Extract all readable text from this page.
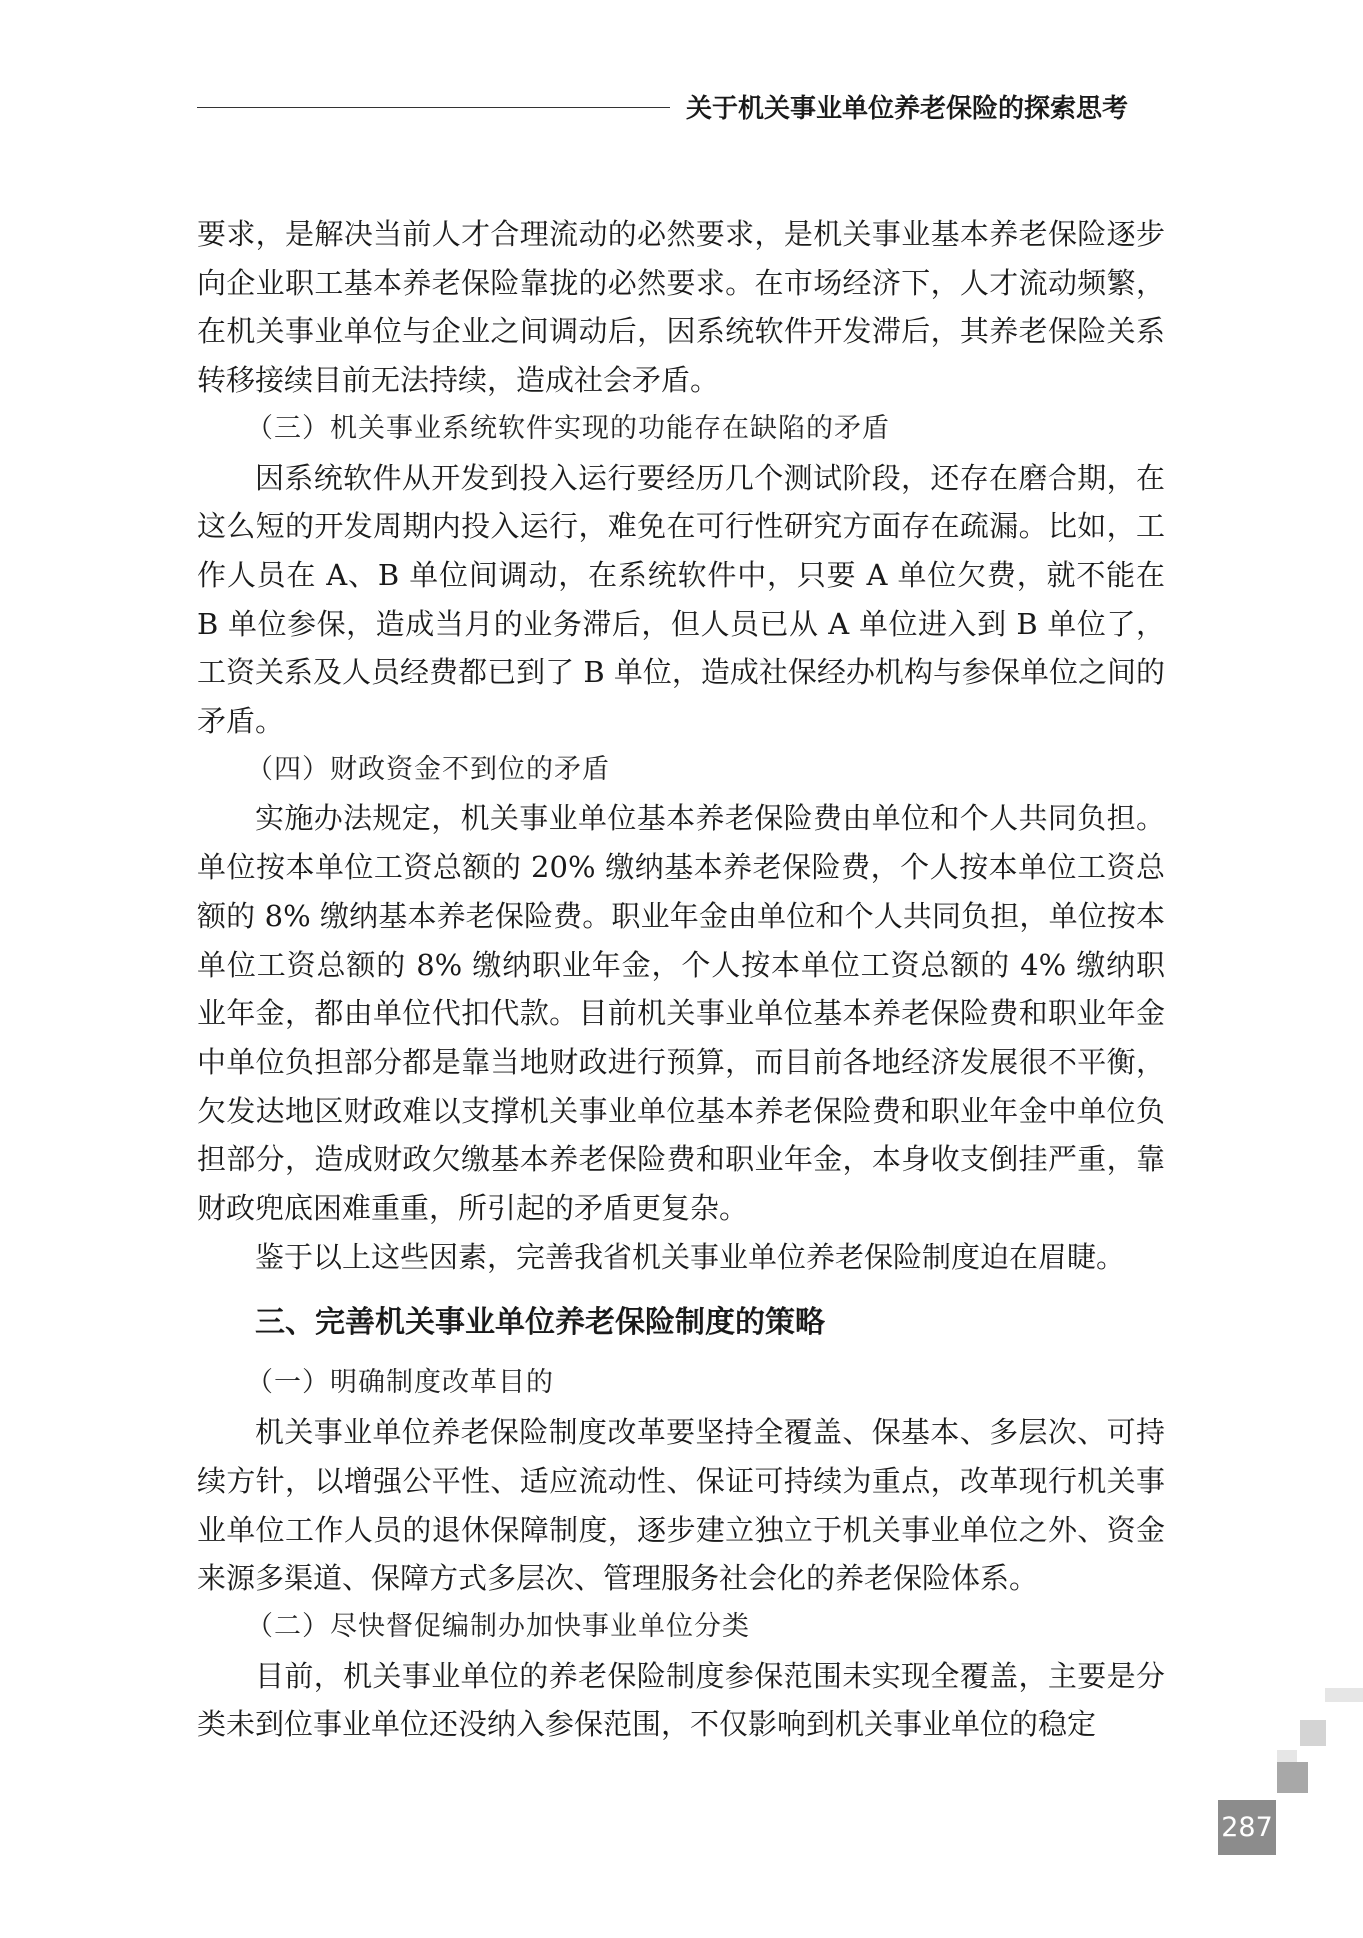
关于机关事业单位养老保险的探索思考

要求，是解决当前人才合理流动的必然要求，是机关事业基本养老保险逐步向企业职工基本养老保险靠拢的必然要求。在市场经济下，人才流动频繁，在机关事业单位与企业之间调动后，因系统软件开发滞后，其养老保险关系转移接续目前无法持续，造成社会矛盾。

（三）机关事业系统软件实现的功能存在缺陷的矛盾

因系统软件从开发到投入运行要经历几个测试阶段，还存在磨合期，在这么短的开发周期内投入运行，难免在可行性研究方面存在疏漏。比如，工作人员在 A、B 单位间调动，在系统软件中，只要 A 单位欠费，就不能在 B 单位参保，造成当月的业务滞后，但人员已从 A 单位进入到 B 单位了，工资关系及人员经费都已到了 B 单位，造成社保经办机构与参保单位之间的矛盾。

（四）财政资金不到位的矛盾

实施办法规定，机关事业单位基本养老保险费由单位和个人共同负担。单位按本单位工资总额的 20% 缴纳基本养老保险费，个人按本单位工资总额的 8% 缴纳基本养老保险费。职业年金由单位和个人共同负担，单位按本单位工资总额的 8% 缴纳职业年金，个人按本单位工资总额的 4% 缴纳职业年金，都由单位代扣代款。目前机关事业单位基本养老保险费和职业年金中单位负担部分都是靠当地财政进行预算，而目前各地经济发展很不平衡，欠发达地区财政难以支撑机关事业单位基本养老保险费和职业年金中单位负担部分，造成财政欠缴基本养老保险费和职业年金，本身收支倒挂严重，靠财政兜底困难重重，所引起的矛盾更复杂。

鉴于以上这些因素，完善我省机关事业单位养老保险制度迫在眉睫。

三、完善机关事业单位养老保险制度的策略

（一）明确制度改革目的

机关事业单位养老保险制度改革要坚持全覆盖、保基本、多层次、可持续方针，以增强公平性、适应流动性、保证可持续为重点，改革现行机关事业单位工作人员的退休保障制度，逐步建立独立于机关事业单位之外、资金来源多渠道、保障方式多层次、管理服务社会化的养老保险体系。

（二）尽快督促编制办加快事业单位分类

目前，机关事业单位的养老保险制度参保范围未实现全覆盖，主要是分类未到位事业单位还没纳入参保范围，不仅影响到机关事业单位的稳定

287
